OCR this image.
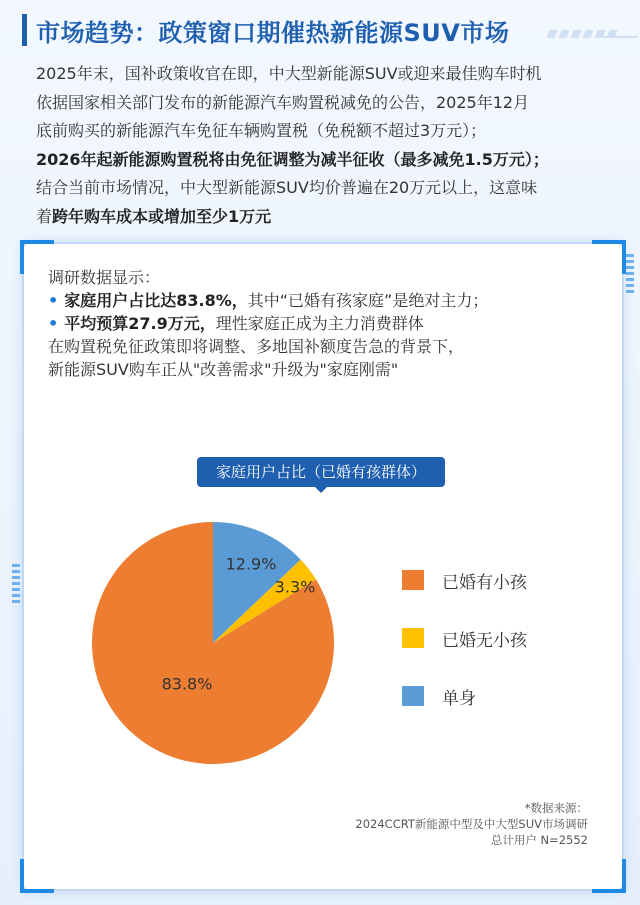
市场趋势：政策窗口期催热新能源SUV市场

2025年末，国补政策收官在即，中大型新能源SUV或迎来最佳购车时机

依据国家相关部门发布的新能源汽车购置税减免的公告，2025年12月

底前购买的新能源汽车免征车辆购置税（免税额不超过3万元）；

2026年起新能源购置税将由免征调整为减半征收（最多减免1.5万元）；

结合当前市场情况，中大型新能源SUV均价普遍在20万元以上，这意味

着跨年购车成本或增加至少1万元

调研数据显示：

• 家庭用户占比达83.8%，其中“已婚有孩家庭”是绝对主力；

• 平均预算27.9万元，理性家庭正成为主力消费群体

在购置税免征政策即将调整、多地国补额度告急的背景下，

新能源SUV购车正从"改善需求"升级为"家庭刚需"

家庭用户占比（已婚有孩群体）
12.9%
3.3%
83.8%
已婚有小孩
已婚无小孩
单身
*数据来源：
2024CCRT新能源中型及中大型SUV市场调研
总计用户 N=2552
